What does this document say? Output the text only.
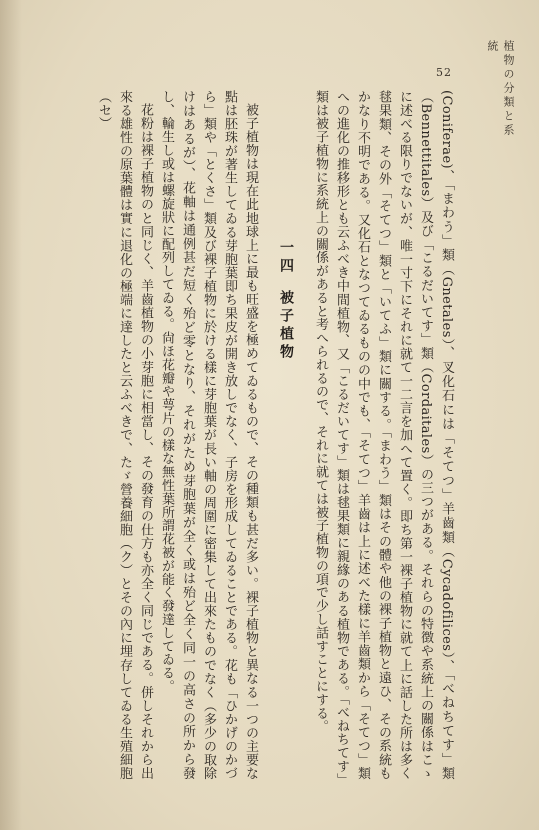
52	植物の分類と系統

(Coniferae)、「まわう」類（Gnetales）、叉化石には「そてつ」羊齒類（Cycadofilices）、「べねちてす」類（Bennettitales）及び「こるだいてす」類（Cordaitales）の三つがある。それらの特徴や系統上の關係はこゝに述べる限りでないが、唯一寸下にそれに就て一二言を加へて置く。即ち第一裸子植物に就て上に話した所は多く毬果類、その外「そてつ」類と「いてふ」類に關する。「まわう」類はその體や他の裸子植物と遠ひ、その系統もかなり不明である。又化石となつてゐるものの中でも、「そてつ」羊齒は上に述べた樣に羊齒類から「そてつ」類への進化の推移形とも云ふべき中間植物、又「こるだいてす」類は毬果類に親緣のある植物である。「べねちてす」類は被子植物に系統上の關係があると考へられるので、それに就ては被子植物の項で少し話すことにする。

一四被子植物

被子植物は現在此地球上に最も旺盛を極めてゐるもので、その種類も甚だ多い。裸子植物と異なる一つの主要な點は胚珠が著生してゐる芽胞葉即ち果皮が開き放しでなく、子房を形成してゐることである。花も「ひかげのかづら」類や「とくさ」類及び裸子植物に於ける樣に芽胞葉が長い軸の周圍に密集して出來たものでなく（多少の取除けはあるが）、花軸は通例甚だ短く殆ど零となり、それがため芽胞葉が全く或は殆ど全く同一の高さの所から發し、輪生し或は螺旋狀に配列してゐる。尙ほ花瓣や萼片の樣な無性葉所謂花被が能く發達してゐる。

花粉は裸子植物のと同じく、羊齒植物の小芽胞に相當し、その發育の仕方も亦全く同じである。併しそれから出來る雄性の原葉體は實に退化の極端に達したと云ふべきで、たゞ營養細胞（ク）とその內に埋存してゐる生殖細胞（セ）
